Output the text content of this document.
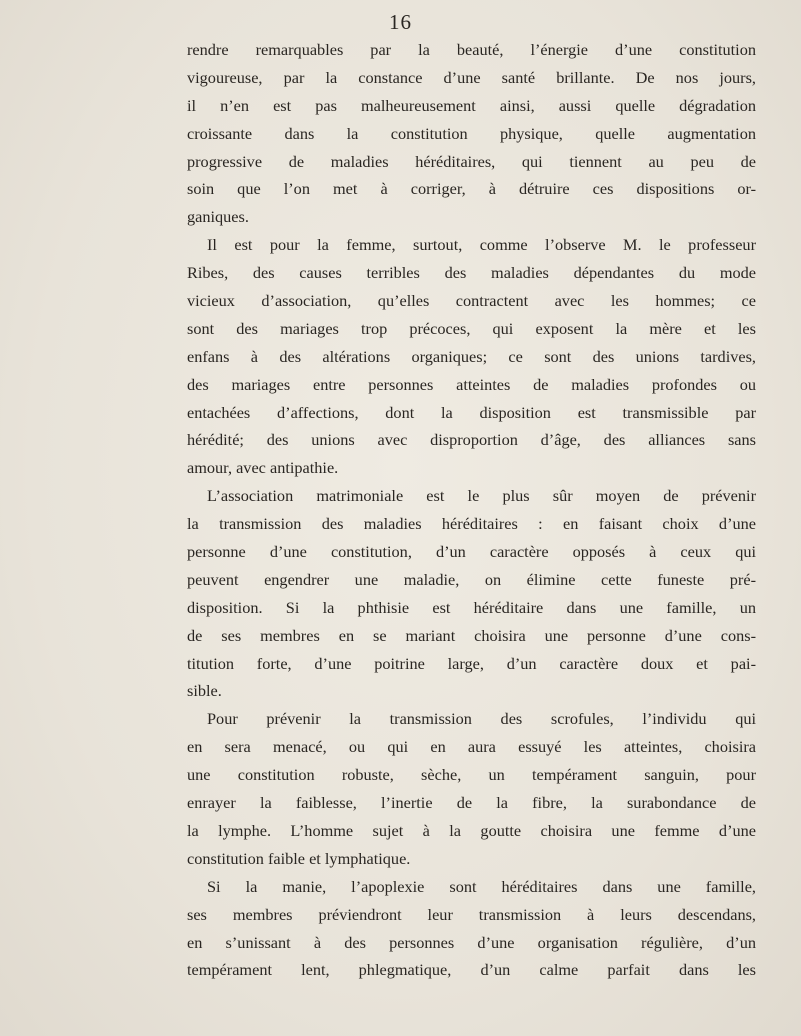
16
rendre remarquables par la beauté, l’énergie d’une constitution
vigoureuse, par la constance d’une santé brillante. De nos jours,
il n’en est pas malheureusement ainsi, aussi quelle dégradation
croissante dans la constitution physique, quelle augmentation
progressive de maladies héréditaires, qui tiennent au peu de
soin que l’on met à corriger, à détruire ces dispositions or-
ganiques.
Il est pour la femme, surtout, comme l’observe M. le professeur
Ribes, des causes terribles des maladies dépendantes du mode
vicieux d’association, qu’elles contractent avec les hommes; ce
sont des mariages trop précoces, qui exposent la mère et les
enfans à des altérations organiques; ce sont des unions tardives,
des mariages entre personnes atteintes de maladies profondes ou
entachées d’affections, dont la disposition est transmissible par
hérédité; des unions avec disproportion d’âge, des alliances sans
amour, avec antipathie.
L’association matrimoniale est le plus sûr moyen de prévenir
la transmission des maladies héréditaires : en faisant choix d’une
personne d’une constitution, d’un caractère opposés à ceux qui
peuvent engendrer une maladie, on élimine cette funeste pré-
disposition. Si la phthisie est héréditaire dans une famille, un
de ses membres en se mariant choisira une personne d’une cons-
titution forte, d’une poitrine large, d’un caractère doux et pai-
sible.
Pour prévenir la transmission des scrofules, l’individu qui
en sera menacé, ou qui en aura essuyé les atteintes, choisira
une constitution robuste, sèche, un tempérament sanguin, pour
enrayer la faiblesse, l’inertie de la fibre, la surabondance de
la lymphe. L’homme sujet à la goutte choisira une femme d’une
constitution faible et lymphatique.
Si la manie, l’apoplexie sont héréditaires dans une famille,
ses membres préviendront leur transmission à leurs descendans,
en s’unissant à des personnes d’une organisation régulière, d’un
tempérament lent, phlegmatique, d’un calme parfait dans les
